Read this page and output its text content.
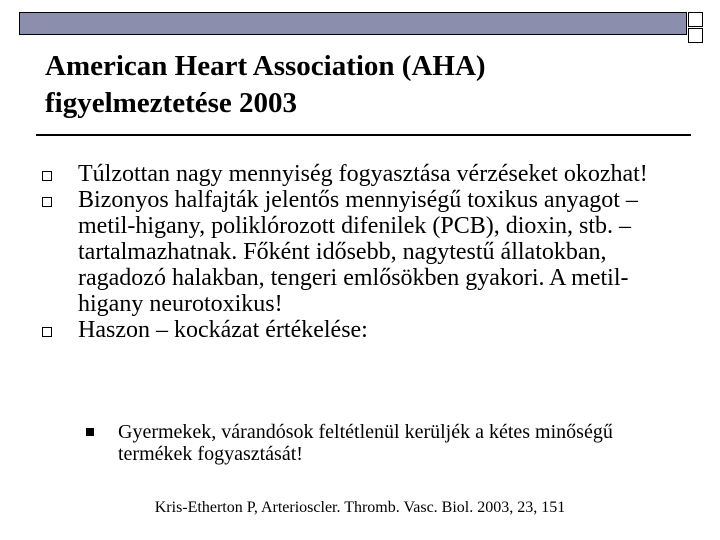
American Heart Association (AHA)
figyelmeztetése 2003
Túlzottan nagy mennyiség fogyasztása vérzéseket okozhat!
Bizonyos halfajták jelentős mennyiségű toxikus anyagot – metil-higany, poliklórozott difenilek (PCB), dioxin, stb. – tartalmazhatnak. Főként idősebb, nagytestű állatokban, ragadozó halakban, tengeri emlősökben gyakori. A metil-higany neurotoxikus!
Haszon – kockázat értékelése:
Gyermekek, várandósok feltétlenül kerüljék a kétes minőségű termékek fogyasztását!
Kris-Etherton P, Arterioscler. Thromb. Vasc. Biol. 2003, 23, 151
